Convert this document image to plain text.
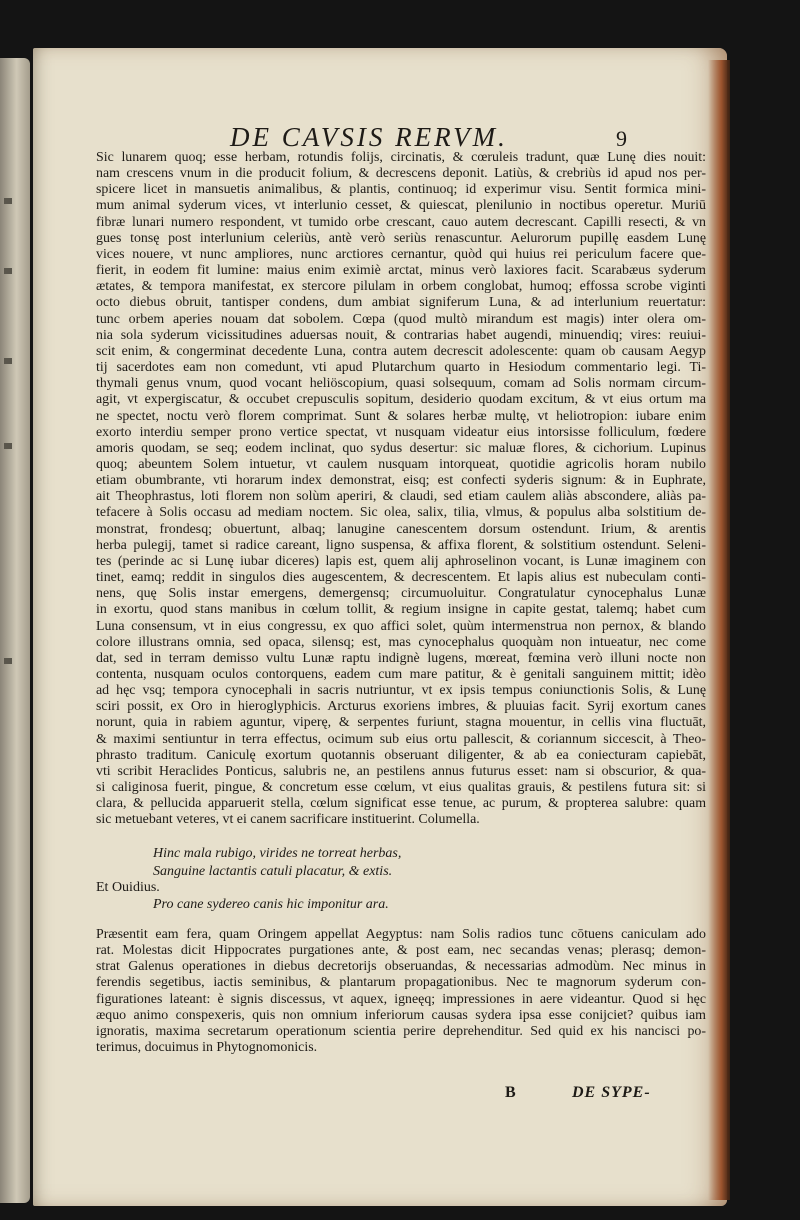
DE CAVSIS RERVM.	9
Sic lunarem quoq; esse herbam, rotundis folijs, circinatis, & cœruleis tradunt, quæ Lunę dies nouit:
nam crescens vnum in die producit folium, & decrescens deponit. Latiùs, & crebriùs id apud nos per-
spicere licet in mansuetis animalibus, & plantis, continuoq; id experimur visu. Sentit formica mini-
mum animal syderum vices, vt interlunio cesset, & quiescat, plenilunio in noctibus operetur. Muriū
fibræ lunari numero respondent, vt tumido orbe crescant, cauo autem decrescant. Capilli resecti, & vn
gues tonsę post interlunium celeriùs, antè verò seriùs renascuntur. Aelurorum pupillę easdem Lunę
vices nouere, vt nunc ampliores, nunc arctiores cernantur, quòd qui huius rei periculum facere que-
fierit, in eodem fit lumine: maius enim eximiè arctat, minus verò laxiores facit. Scarabæus syderum
ætates, & tempora manifestat, ex stercore pilulam in orbem conglobat, humoq; effossa scrobe viginti
octo diebus obruit, tantisper condens, dum ambiat signiferum Luna, & ad interlunium reuertatur:
tunc orbem aperies nouam dat sobolem. Cœpa (quod multò mirandum est magis) inter olera om-
nia sola syderum vicissitudines aduersas nouit, & contrarias habet augendi, minuendiq; vires: reuiui-
scit enim, & congerminat decedente Luna, contra autem decrescit adolescente: quam ob causam Aegyp
tij sacerdotes eam non comedunt, vti apud Plutarchum quarto in Hesiodum commentario legi. Ti-
thymali genus vnum, quod vocant heliöscopium, quasi solsequum, comam ad Solis normam circum-
agit, vt expergiscatur, & occubet crepusculis sopitum, desiderio quodam excitum, & vt eius ortum ma
ne spectet, noctu verò florem comprimat. Sunt & solares herbæ multę, vt heliotropion: iubare enim
exorto interdiu semper prono vertice spectat, vt nusquam videatur eius intorsisse folliculum, fœdere
amoris quodam, se seq; eodem inclinat, quo sydus deserturː sic maluæ flores, & cichorium. Lupinus
quoq; abeuntem Solem intuetur, vt caulem nusquam intorqueat, quotidie agricolis horam nubilo
etiam obumbrante, vti horarum index demonstrat, eisq; est confecti syderis signum: & in Euphrate,
ait Theophrastus, loti florem non solùm aperiri, & claudi, sed etiam caulem aliàs abscondere, aliàs pa-
tefacere à Solis occasu ad mediam noctem. Sic olea, salix, tilia, vlmus, & populus alba solstitium de-
monstrat, frondesq; obuertunt, albaq; lanugine canescentem dorsum ostendunt. Irium, & arentis
herba pulegij, tamet si radice careant, ligno suspensa, & affixa florent, & solstitium ostendunt. Seleni-
tes (perinde ac si Lunę iubar diceres) lapis est, quem alij aphroselinon vocant, is Lunæ imaginem con
tinet, eamq; reddit in singulos dies augescentem, & decrescentem. Et lapis alius est nubeculam conti-
nens, quę Solis instar emergens, demergensq; circumuoluitur. Congratulatur cynocephalus Lunæ
in exortu, quod stans manibus in cœlum tollit, & regium insigne in capite gestat, talemq; habet cum
Luna consensum, vt in eius congressu, ex quo affici solet, quùm intermenstrua non pernox, & blando
colore illustrans omnia, sed opaca, silensq; est, mas cynocephalus quoquàm non intueatur, nec come
dat, sed in terram demisso vultu Lunæ raptu indignè lugens, mœreat, fœmina verò illuni nocte non
contenta, nusquam oculos contorquens, eadem cum mare patitur, & è genitali sanguinem mittit; idèo
ad hęc vsq; tempora cynocephali in sacris nutriuntur, vt ex ipsis tempus coniunctionis Solis, & Lunę
sciri possit, ex Oro in hieroglyphicis. Arcturus exoriens imbres, & pluuias facit. Syrij exortum canes
norunt, quia in rabiem aguntur, viperę, & serpentes furiunt, stagna mouentur, in cellis vina fluctuāt,
& maximi sentiuntur in terra effectus, ocimum sub eius ortu pallescit, & coriannum siccescit, à Theo-
phrasto traditum. Caniculę exortum quotannis obseruant diligenter, & ab ea coniecturam capiebāt,
vti scribit Heraclides Ponticus, salubris ne, an pestilens annus futurus esset: nam si obscurior, & qua-
si caliginosa fuerit, pingue, & concretum esse cœlum, vt eius qualitas grauis, & pestilens futura sit: si
clara, & pellucida apparuerit stella, cœlum significat esse tenue, ac purum, & propterea salubre: quam
sic metuebant veteres, vt ei canem sacrificare instituerint. Columella.
Hinc mala rubigo, virides ne torreat herbas,
Sanguine lactantis catuli placatur, & extis.
Et Ouidius.
Pro cane sydereo canis hic imponitur ara.
Præsentit eam fera, quam Oringem appellat Aegyptus: nam Solis radios tunc cōtuens caniculam ado
rat. Molestas dicit Hippocrates purgationes ante, & post eam, nec secandas venas; plerasq; demon-
strat Galenus operationes in diebus decretorijs obseruandas, & necessarias admodùm. Nec minus in
ferendis segetibus, iactis seminibus, & plantarum propagationibus. Nec te magnorum syderum con-
figurationes lateant: è signis discessus, vt aquex, igneęq; impressiones in aere videantur. Quod si hęc
æquo animo conspexeris, quis non omnium inferiorum causas sydera ipsa esse conijciet? quibus iam
ignoratis, maxima secretarum operationum scientia perire deprehenditur. Sed quid ex his nancisci po-
terimus, docuimus in Phytognomonicis.
B	DE SYPE-
